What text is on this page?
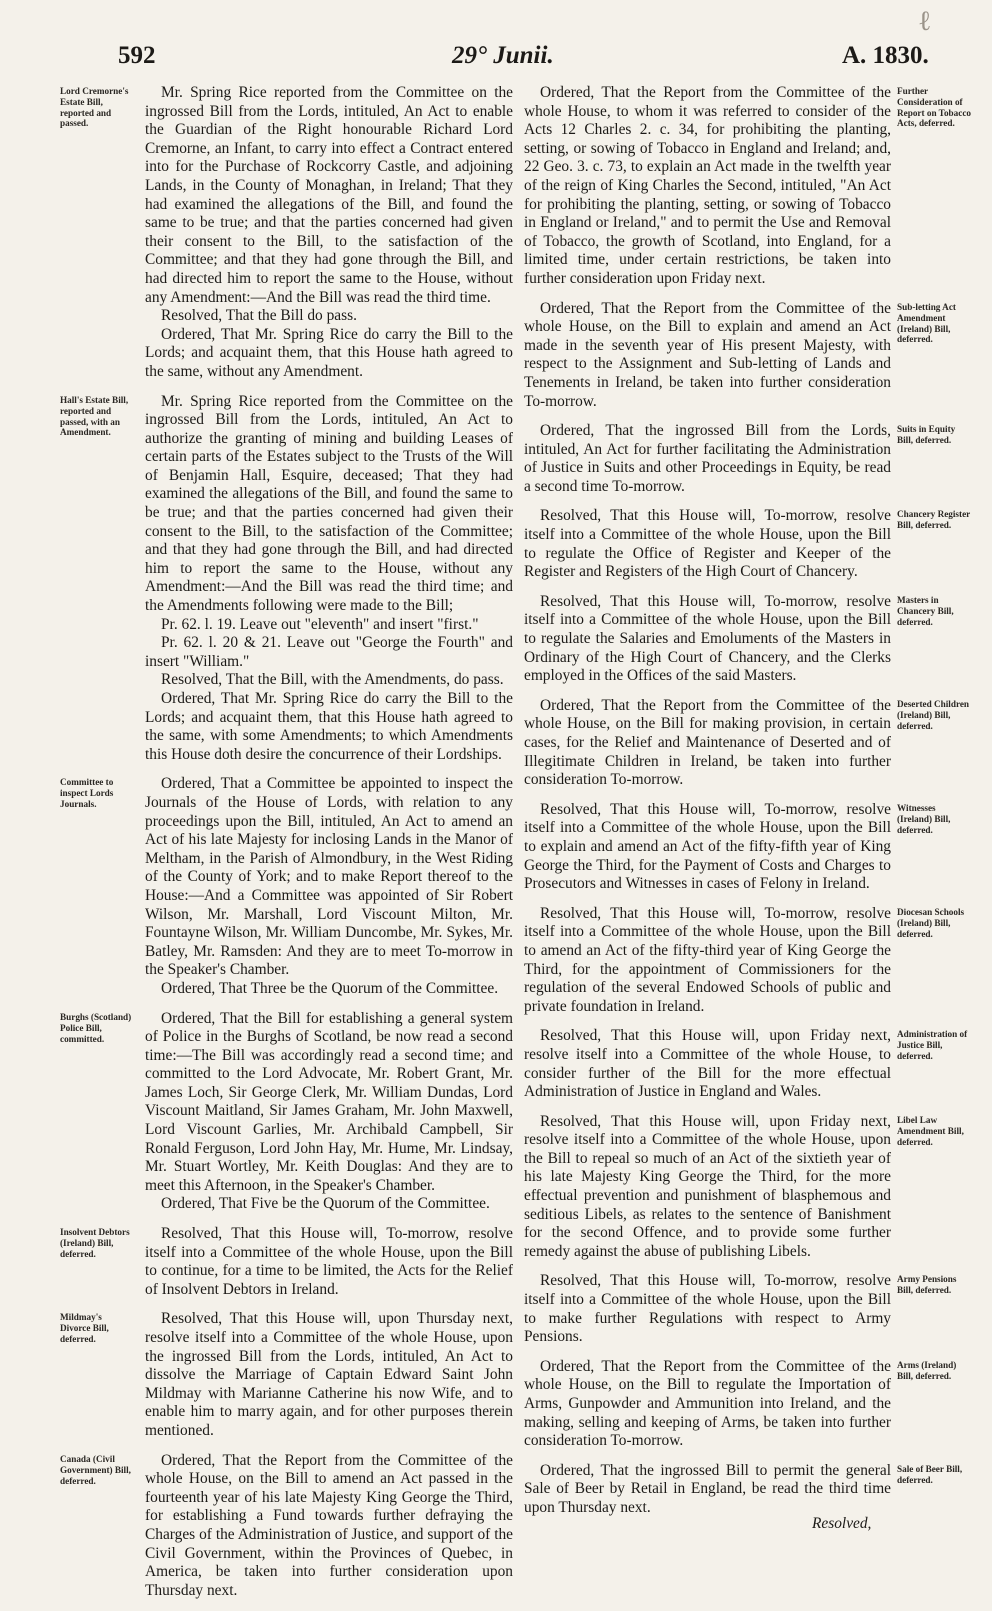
ℓ
592	29° Junii.	A. 1830.

Mr. Spring Rice reported from the Committee on the ingrossed Bill from the Lords, intituled, An Act to enable the Guardian of the Right honourable Richard Lord Cremorne, an Infant, to carry into effect a Contract entered into for the Purchase of Rockcorry Castle, and adjoining Lands, in the County of Monaghan, in Ireland; That they had examined the allegations of the Bill, and found the same to be true; and that the parties concerned had given their consent to the Bill, to the satisfaction of the Committee; and that they had gone through the Bill, and had directed him to report the same to the House, without any Amendment:—And the Bill was read the third time.

Resolved, That the Bill do pass.

Ordered, That Mr. Spring Rice do carry the Bill to the Lords; and acquaint them, that this House hath agreed to the same, without any Amendment.

Mr. Spring Rice reported from the Committee on the ingrossed Bill from the Lords, intituled, An Act to authorize the granting of mining and building Leases of certain parts of the Estates subject to the Trusts of the Will of Benjamin Hall, Esquire, deceased; That they had examined the allegations of the Bill, and found the same to be true; and that the parties concerned had given their consent to the Bill, to the satisfaction of the Committee; and that they had gone through the Bill, and had directed him to report the same to the House, without any Amendment:—And the Bill was read the third time; and the Amendments following were made to the Bill;

Pr. 62. l. 19. Leave out "eleventh" and insert "first."

Pr. 62. l. 20 & 21. Leave out "George the Fourth" and insert "William."

Resolved, That the Bill, with the Amendments, do pass.

Ordered, That Mr. Spring Rice do carry the Bill to the Lords; and acquaint them, that this House hath agreed to the same, with some Amendments; to which Amendments this House doth desire the concurrence of their Lordships.

Ordered, That a Committee be appointed to inspect the Journals of the House of Lords, with relation to any proceedings upon the Bill, intituled, An Act to amend an Act of his late Majesty for inclosing Lands in the Manor of Meltham, in the Parish of Almondbury, in the West Riding of the County of York; and to make Report thereof to the House:—And a Committee was appointed of Sir Robert Wilson, Mr. Marshall, Lord Viscount Milton, Mr. Fountayne Wilson, Mr. William Duncombe, Mr. Sykes, Mr. Batley, Mr. Ramsden: And they are to meet To-morrow in the Speaker's Chamber.

Ordered, That Three be the Quorum of the Committee.

Ordered, That the Bill for establishing a general system of Police in the Burghs of Scotland, be now read a second time:—The Bill was accordingly read a second time; and committed to the Lord Advocate, Mr. Robert Grant, Mr. James Loch, Sir George Clerk, Mr. William Dundas, Lord Viscount Maitland, Sir James Graham, Mr. John Maxwell, Lord Viscount Garlies, Mr. Archibald Campbell, Sir Ronald Ferguson, Lord John Hay, Mr. Hume, Mr. Lindsay, Mr. Stuart Wortley, Mr. Keith Douglas: And they are to meet this Afternoon, in the Speaker's Chamber.

Ordered, That Five be the Quorum of the Committee.

Resolved, That this House will, To-morrow, resolve itself into a Committee of the whole House, upon the Bill to continue, for a time to be limited, the Acts for the Relief of Insolvent Debtors in Ireland.

Resolved, That this House will, upon Thursday next, resolve itself into a Committee of the whole House, upon the ingrossed Bill from the Lords, intituled, An Act to dissolve the Marriage of Captain Edward Saint John Mildmay with Marianne Catherine his now Wife, and to enable him to marry again, and for other purposes therein mentioned.

Ordered, That the Report from the Committee of the whole House, on the Bill to amend an Act passed in the fourteenth year of his late Majesty King George the Third, for establishing a Fund towards further defraying the Charges of the Administration of Justice, and support of the Civil Government, within the Provinces of Quebec, in America, be taken into further consideration upon Thursday next.

Ordered, That the Report from the Committee of the whole House, to whom it was referred to consider of the Acts 12 Charles 2. c. 34, for prohibiting the planting, setting, or sowing of Tobacco in England and Ireland; and, 22 Geo. 3. c. 73, to explain an Act made in the twelfth year of the reign of King Charles the Second, intituled, "An Act for prohibiting the planting, setting, or sowing of Tobacco in England or Ireland," and to permit the Use and Removal of Tobacco, the growth of Scotland, into England, for a limited time, under certain restrictions, be taken into further consideration upon Friday next.

Ordered, That the Report from the Committee of the whole House, on the Bill to explain and amend an Act made in the seventh year of His present Majesty, with respect to the Assignment and Sub-letting of Lands and Tenements in Ireland, be taken into further consideration To-morrow.

Ordered, That the ingrossed Bill from the Lords, intituled, An Act for further facilitating the Administration of Justice in Suits and other Proceedings in Equity, be read a second time To-morrow.

Resolved, That this House will, To-morrow, resolve itself into a Committee of the whole House, upon the Bill to regulate the Office of Register and Keeper of the Register and Registers of the High Court of Chancery.

Resolved, That this House will, To-morrow, resolve itself into a Committee of the whole House, upon the Bill to regulate the Salaries and Emoluments of the Masters in Ordinary of the High Court of Chancery, and the Clerks employed in the Offices of the said Masters.

Ordered, That the Report from the Committee of the whole House, on the Bill for making provision, in certain cases, for the Relief and Maintenance of Deserted and of Illegitimate Children in Ireland, be taken into further consideration To-morrow.

Resolved, That this House will, To-morrow, resolve itself into a Committee of the whole House, upon the Bill to explain and amend an Act of the fifty-fifth year of King George the Third, for the Payment of Costs and Charges to Prosecutors and Witnesses in cases of Felony in Ireland.

Resolved, That this House will, To-morrow, resolve itself into a Committee of the whole House, upon the Bill to amend an Act of the fifty-third year of King George the Third, for the appointment of Commissioners for the regulation of the several Endowed Schools of public and private foundation in Ireland.

Resolved, That this House will, upon Friday next, resolve itself into a Committee of the whole House, to consider further of the Bill for the more effectual Administration of Justice in England and Wales.

Resolved, That this House will, upon Friday next, resolve itself into a Committee of the whole House, upon the Bill to repeal so much of an Act of the sixtieth year of his late Majesty King George the Third, for the more effectual prevention and punishment of blasphemous and seditious Libels, as relates to the sentence of Banishment for the second Offence, and to provide some further remedy against the abuse of publishing Libels.

Resolved, That this House will, To-morrow, resolve itself into a Committee of the whole House, upon the Bill to make further Regulations with respect to Army Pensions.

Ordered, That the Report from the Committee of the whole House, on the Bill to regulate the Importation of Arms, Gunpowder and Ammunition into Ireland, and the making, selling and keeping of Arms, be taken into further consideration To-morrow.

Ordered, That the ingrossed Bill to permit the general Sale of Beer by Retail in England, be read the third time upon Thursday next.

Lord Cremorne's Estate Bill, reported and passed.
Hall's Estate Bill, reported and passed, with an Amendment.
Committee to inspect Lords Journals.
Burghs (Scotland) Police Bill, committed.
Insolvent Debtors (Ireland) Bill, deferred.
Mildmay's Divorce Bill, deferred.
Canada (Civil Government) Bill, deferred.
Further Consideration of Report on Tobacco Acts, deferred.
Sub-letting Act Amendment (Ireland) Bill, deferred.
Suits in Equity Bill, deferred.
Chancery Register Bill, deferred.
Masters in Chancery Bill, deferred.
Deserted Children (Ireland) Bill, deferred.
Witnesses (Ireland) Bill, deferred.
Diocesan Schools (Ireland) Bill, deferred.
Administration of Justice Bill, deferred.
Libel Law Amendment Bill, deferred.
Army Pensions Bill, deferred.
Arms (Ireland) Bill, deferred.
Sale of Beer Bill, deferred.
Resolved,
